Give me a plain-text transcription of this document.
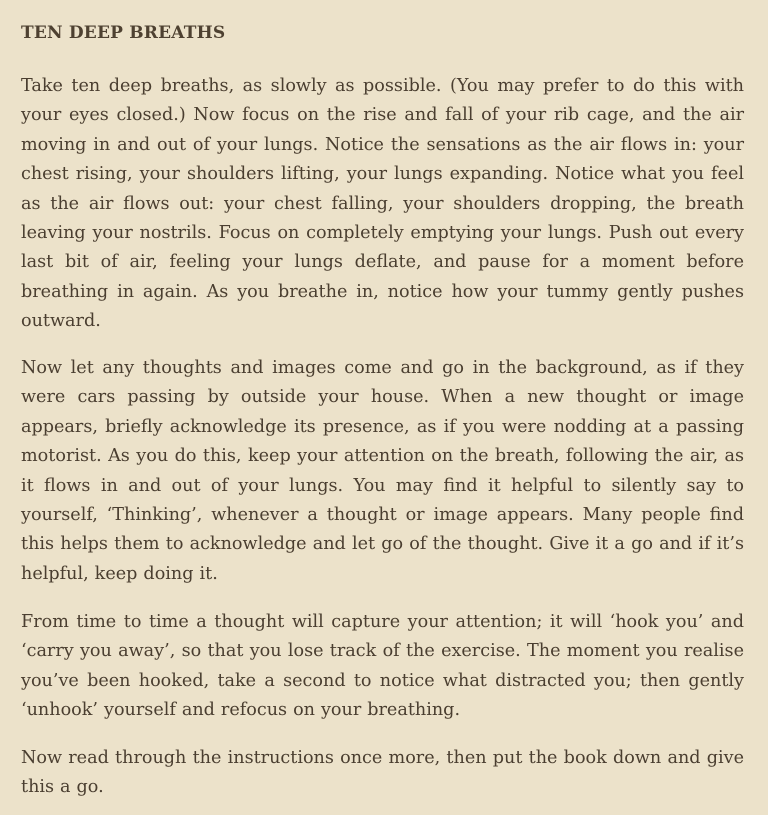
TEN DEEP BREATHS

Take ten deep breaths, as slowly as possible. (You may prefer to do this with your eyes closed.) Now focus on the rise and fall of your rib cage, and the air moving in and out of your lungs. Notice the sensations as the air flows in: your chest rising, your shoulders lifting, your lungs expanding. Notice what you feel as the air flows out: your chest falling, your shoulders dropping, the breath leaving your nostrils. Focus on completely emptying your lungs. Push out every last bit of air, feeling your lungs deflate, and pause for a moment before breathing in again. As you breathe in, notice how your tummy gently pushes outward.

Now let any thoughts and images come and go in the background, as if they were cars passing by outside your house. When a new thought or image appears, briefly acknowledge its presence, as if you were nodding at a passing motorist. As you do this, keep your attention on the breath, following the air, as it flows in and out of your lungs. You may find it helpful to silently say to yourself, ‘Thinking’, whenever a thought or image appears. Many people find this helps them to acknowledge and let go of the thought. Give it a go and if it’s helpful, keep doing it.

From time to time a thought will capture your attention; it will ‘hook you’ and ‘carry you away’, so that you lose track of the exercise. The moment you realise you’ve been hooked, take a second to notice what distracted you; then gently ‘unhook’ yourself and refocus on your breathing.

Now read through the instructions once more, then put the book down and give this a go.
